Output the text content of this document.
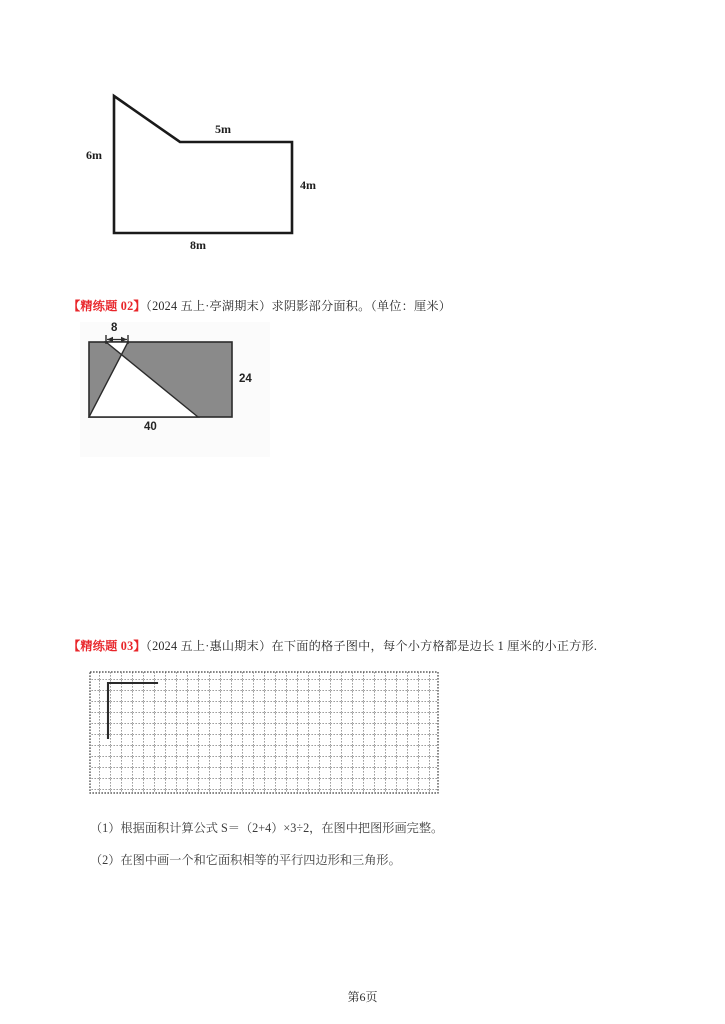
6m
5m
4m
8m
【精练题 02】（2024 五上·亭湖期末）求阴影部分面积。（单位：厘米）
8
24
40
【精练题 03】（2024 五上·惠山期末）在下面的格子图中，每个小方格都是边长 1 厘米的小正方形.
（1）根据面积计算公式 S＝（2+4）×3÷2，在图中把图形画完整。
（2）在图中画一个和它面积相等的平行四边形和三角形。
第6页
